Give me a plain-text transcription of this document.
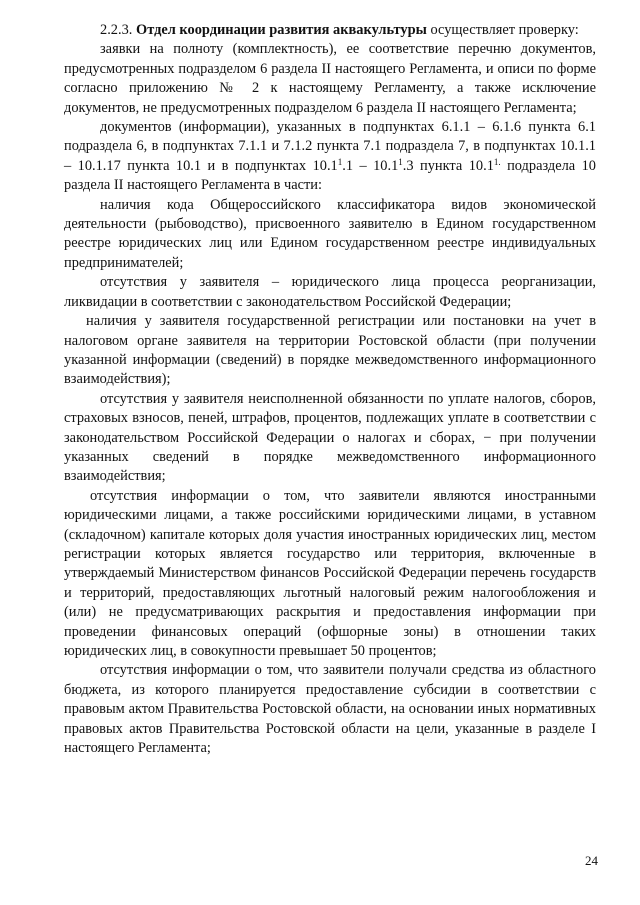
2.2.3. Отдел координации развития аквакультуры осуществляет проверку:

заявки на полноту (комплектность), ее соответствие перечню документов, предусмотренных подразделом 6 раздела II настоящего Регламента, и описи по форме согласно приложению № 2 к настоящему Регламенту, а также исключение документов, не предусмотренных подразделом 6 раздела II настоящего Регламента;

документов (информации), указанных в подпунктах 6.1.1 – 6.1.6 пункта 6.1 подраздела 6, в подпунктах 7.1.1 и 7.1.2 пункта 7.1 подраздела 7, в подпунктах 10.1.1 – 10.1.17 пункта 10.1 и в подпунктах 10.1$^1$.1 – 10.1$^1$.3 пункта $10.1^{1.}$ подраздела 10 раздела II настоящего Регламента в части:

наличия кода Общероссийского классификатора видов экономической деятельности (рыбоводство), присвоенного заявителю в Едином государственном реестре юридических лиц или Едином государственном реестре индивидуальных предпринимателей;

отсутствия у заявителя – юридического лица процесса реорганизации, ликвидации в соответствии с законодательством Российской Федерации;

наличия у заявителя государственной регистрации или постановки на учет в налоговом органе заявителя на территории Ростовской области (при получении указанной информации (сведений) в порядке межведомственного информационного взаимодействия);

отсутствия у заявителя неисполненной обязанности по уплате налогов, сборов, страховых взносов, пеней, штрафов, процентов, подлежащих уплате в соответствии с законодательством Российской Федерации о налогах и сборах, − при получении указанных сведений в порядке межведомственного информационного взаимодействия;

отсутствия информации о том, что заявители являются иностранными юридическими лицами, а также российскими юридическими лицами, в уставном (складочном) капитале которых доля участия иностранных юридических лиц, местом регистрации которых является государство или территория, включенные в утверждаемый Министерством финансов Российской Федерации перечень государств и территорий, предоставляющих льготный налоговый режим налогообложения и (или) не предусматривающих раскрытия и предоставления информации при проведении финансовых операций (офшорные зоны) в отношении таких юридических лиц, в совокупности превышает 50 процентов;

отсутствия информации о том, что заявители получали средства из областного бюджета, из которого планируется предоставление субсидии в соответствии с правовым актом Правительства Ростовской области, на основании иных нормативных правовых актов Правительства Ростовской области на цели, указанные в разделе I настоящего Регламента;

24
